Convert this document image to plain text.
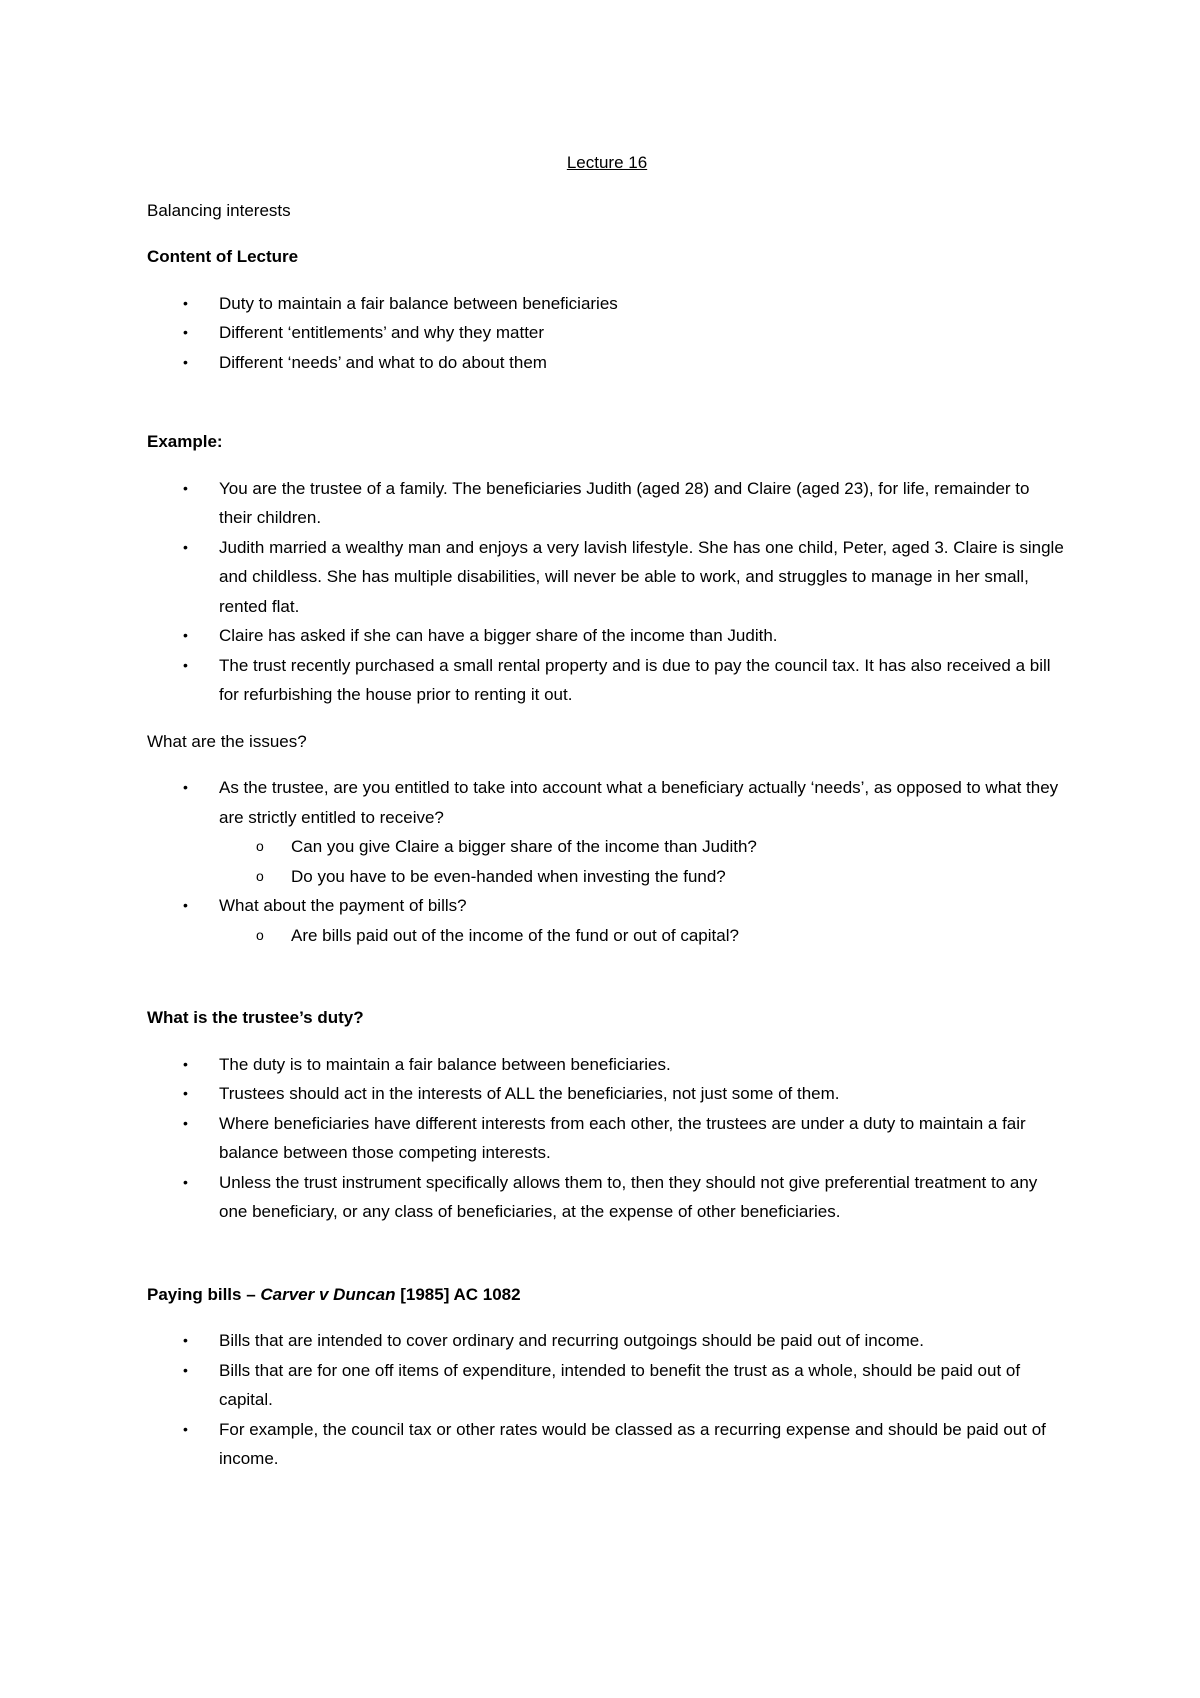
Lecture 16

Balancing interests

Content of Lecture

• Duty to maintain a fair balance between beneficiaries
• Different ‘entitlements’ and why they matter
• Different ‘needs’ and what to do about them

Example:

• You are the trustee of a family. The beneficiaries Judith (aged 28) and Claire (aged 23), for life, remainder to their children.
• Judith married a wealthy man and enjoys a very lavish lifestyle. She has one child, Peter, aged 3. Claire is single and childless. She has multiple disabilities, will never be able to work, and struggles to manage in her small, rented flat.
• Claire has asked if she can have a bigger share of the income than Judith.
• The trust recently purchased a small rental property and is due to pay the council tax. It has also received a bill for refurbishing the house prior to renting it out.

What are the issues?

• As the trustee, are you entitled to take into account what a beneficiary actually ‘needs’, as opposed to what they are strictly entitled to receive?
o Can you give Claire a bigger share of the income than Judith?
o Do you have to be even-handed when investing the fund?
• What about the payment of bills?
o Are bills paid out of the income of the fund or out of capital?

What is the trustee’s duty?

• The duty is to maintain a fair balance between beneficiaries.
• Trustees should act in the interests of ALL the beneficiaries, not just some of them.
• Where beneficiaries have different interests from each other, the trustees are under a duty to maintain a fair balance between those competing interests.
• Unless the trust instrument specifically allows them to, then they should not give preferential treatment to any one beneficiary, or any class of beneficiaries, at the expense of other beneficiaries.

Paying bills – Carver v Duncan [1985] AC 1082

• Bills that are intended to cover ordinary and recurring outgoings should be paid out of income.
• Bills that are for one off items of expenditure, intended to benefit the trust as a whole, should be paid out of capital.
• For example, the council tax or other rates would be classed as a recurring expense and should be paid out of income.
